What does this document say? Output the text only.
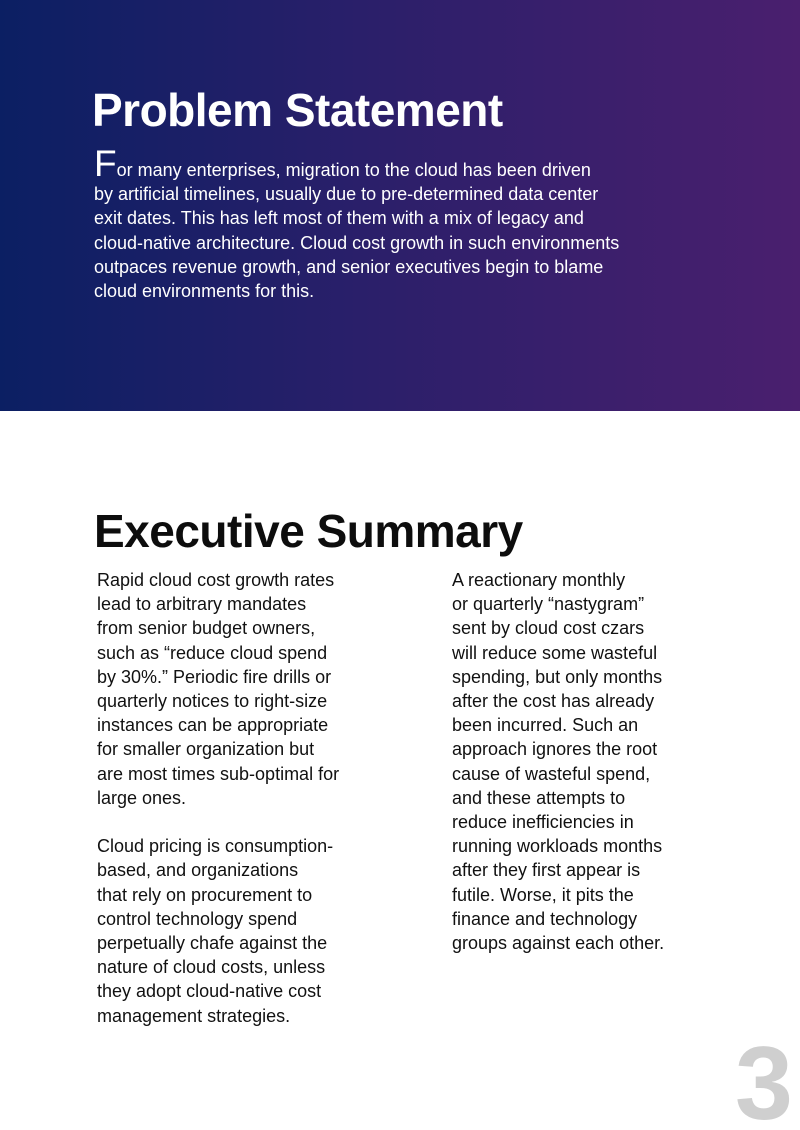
Problem Statement
For many enterprises, migration to the cloud has been driven
by artificial timelines, usually due to pre-determined data center
exit dates. This has left most of them with a mix of legacy and
cloud-native architecture. Cloud cost growth in such environments
outpaces revenue growth, and senior executives begin to blame
cloud environments for this.
Executive Summary
Rapid cloud cost growth rates
lead to arbitrary mandates
from senior budget owners,
such as “reduce cloud spend
by 30%.” Periodic fire drills or
quarterly notices to right-size
instances can be appropriate
for smaller organization but
are most times sub-optimal for
large ones.
Cloud pricing is consumption-
based, and organizations
that rely on procurement to
control technology spend
perpetually chafe against the
nature of cloud costs, unless
they adopt cloud-native cost
management strategies.
A reactionary monthly
or quarterly “nastygram”
sent by cloud cost czars
will reduce some wasteful
spending, but only months
after the cost has already
been incurred. Such an
approach ignores the root
cause of wasteful spend,
and these attempts to
reduce inefficiencies in
running workloads months
after they first appear is
futile. Worse, it pits the
finance and technology
groups against each other.
3
